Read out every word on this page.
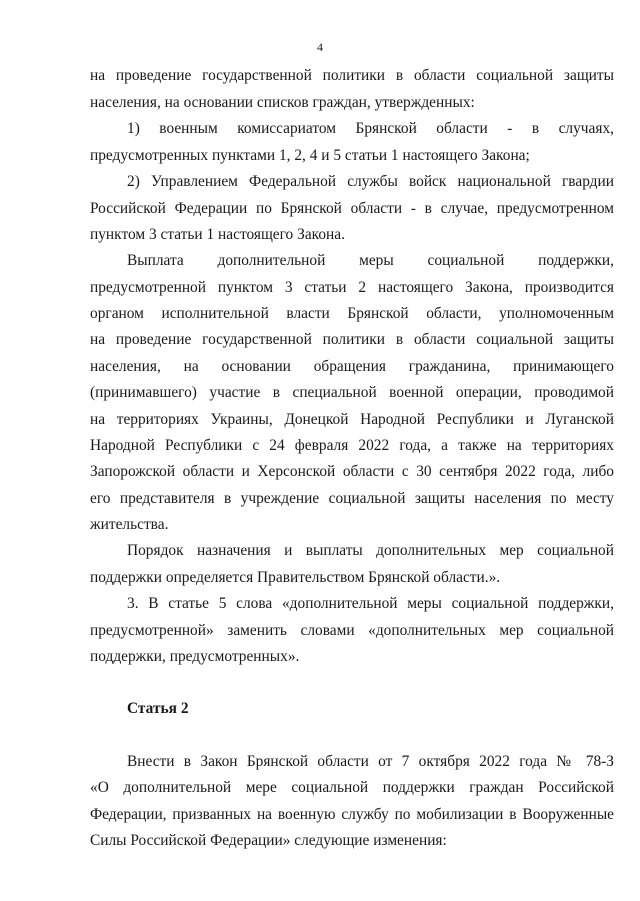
4
на проведение государственной политики в области социальной защиты
населения, на основании списков граждан, утвержденных:
1) военным комиссариатом Брянской области - в случаях,
предусмотренных пунктами 1, 2, 4 и 5 статьи 1 настоящего Закона;
2) Управлением Федеральной службы войск национальной гвардии
Российской Федерации по Брянской области - в случае, предусмотренном
пунктом 3 статьи 1 настоящего Закона.
Выплата дополнительной меры социальной поддержки,
предусмотренной пунктом 3 статьи 2 настоящего Закона, производится
органом исполнительной власти Брянской области, уполномоченным
на проведение государственной политики в области социальной защиты
населения, на основании обращения гражданина, принимающего
(принимавшего) участие в специальной военной операции, проводимой
на территориях Украины, Донецкой Народной Республики и Луганской
Народной Республики с 24 февраля 2022 года, а также на территориях
Запорожской области и Херсонской области с 30 сентября 2022 года, либо
его представителя в учреждение социальной защиты населения по месту
жительства.
Порядок назначения и выплаты дополнительных мер социальной
поддержки определяется Правительством Брянской области.».
3. В статье 5 слова «дополнительной меры социальной поддержки,
предусмотренной» заменить словами «дополнительных мер социальной
поддержки, предусмотренных».
Статья 2
Внести в Закон Брянской области от 7 октября 2022 года № 78-З
«О дополнительной мере социальной поддержки граждан Российской
Федерации, призванных на военную службу по мобилизации в Вооруженные
Силы Российской Федерации» следующие изменения:
